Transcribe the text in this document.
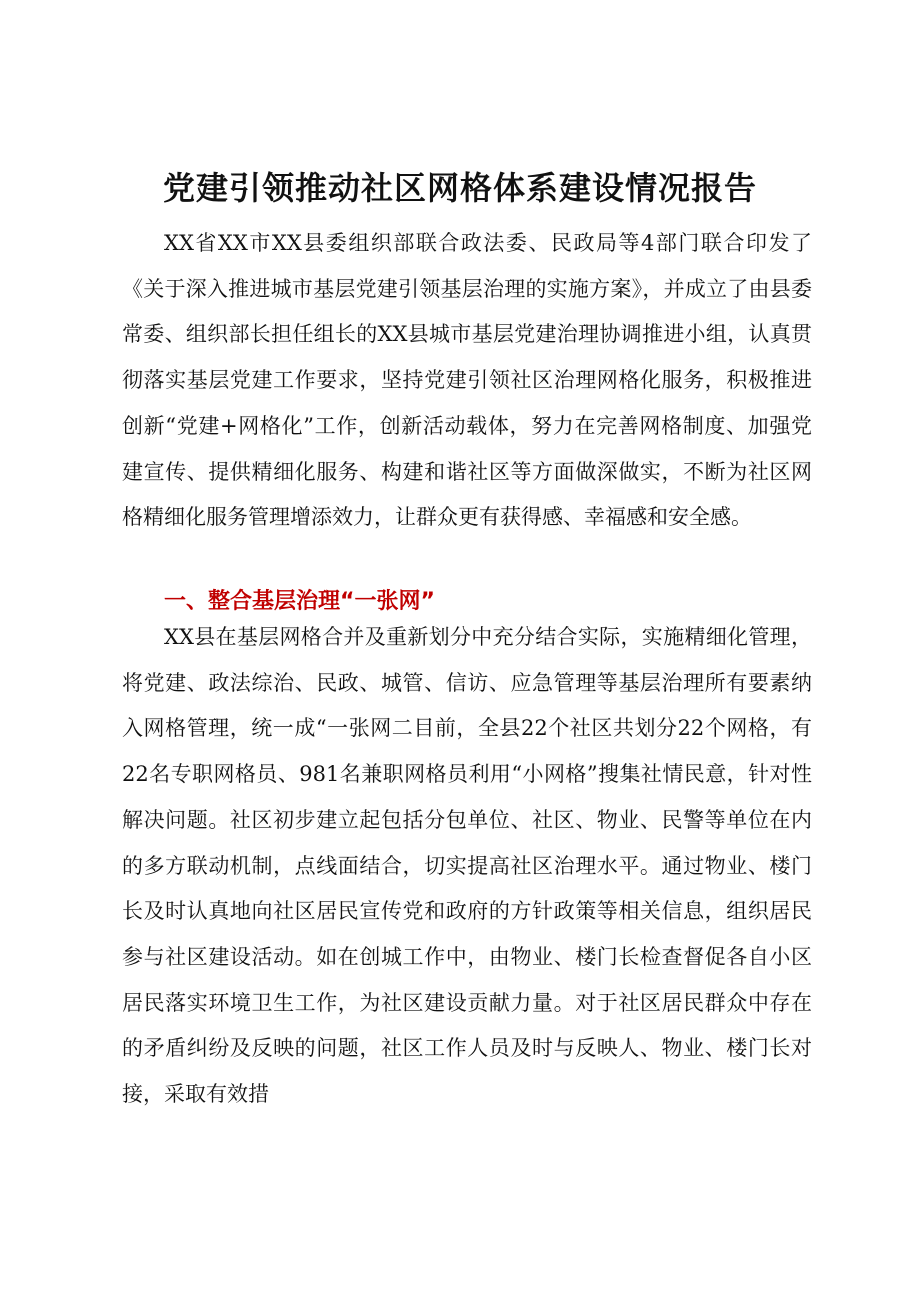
党建引领推动社区网格体系建设情况报告

XX省XX市XX县委组织部联合政法委、民政局等4部门联合印发了《关于深入推进城市基层党建引领基层治理的实施方案》，并成立了由县委常委、组织部长担任组长的XX县城市基层党建治理协调推进小组，认真贯彻落实基层党建工作要求，坚持党建引领社区治理网格化服务，积极推进创新“党建+网格化”工作，创新活动载体，努力在完善网格制度、加强党建宣传、提供精细化服务、构建和谐社区等方面做深做实，不断为社区网格精细化服务管理增添效力，让群众更有获得感、幸福感和安全感。

一、整合基层治理“一张网”

XX县在基层网格合并及重新划分中充分结合实际，实施精细化管理，将党建、政法综治、民政、城管、信访、应急管理等基层治理所有要素纳入网格管理，统一成“一张网二目前，全县22个社区共划分22个网格，有22名专职网格员、981名兼职网格员利用“小网格”搜集社情民意，针对性解决问题。社区初步建立起包括分包单位、社区、物业、民警等单位在内的多方联动机制，点线面结合，切实提高社区治理水平。通过物业、楼门长及时认真地向社区居民宣传党和政府的方针政策等相关信息，组织居民参与社区建设活动。如在创城工作中，由物业、楼门长检查督促各自小区居民落实环境卫生工作，为社区建设贡献力量。对于社区居民群众中存在的矛盾纠纷及反映的问题，社区工作人员及时与反映人、物业、楼门长对接，采取有效措
